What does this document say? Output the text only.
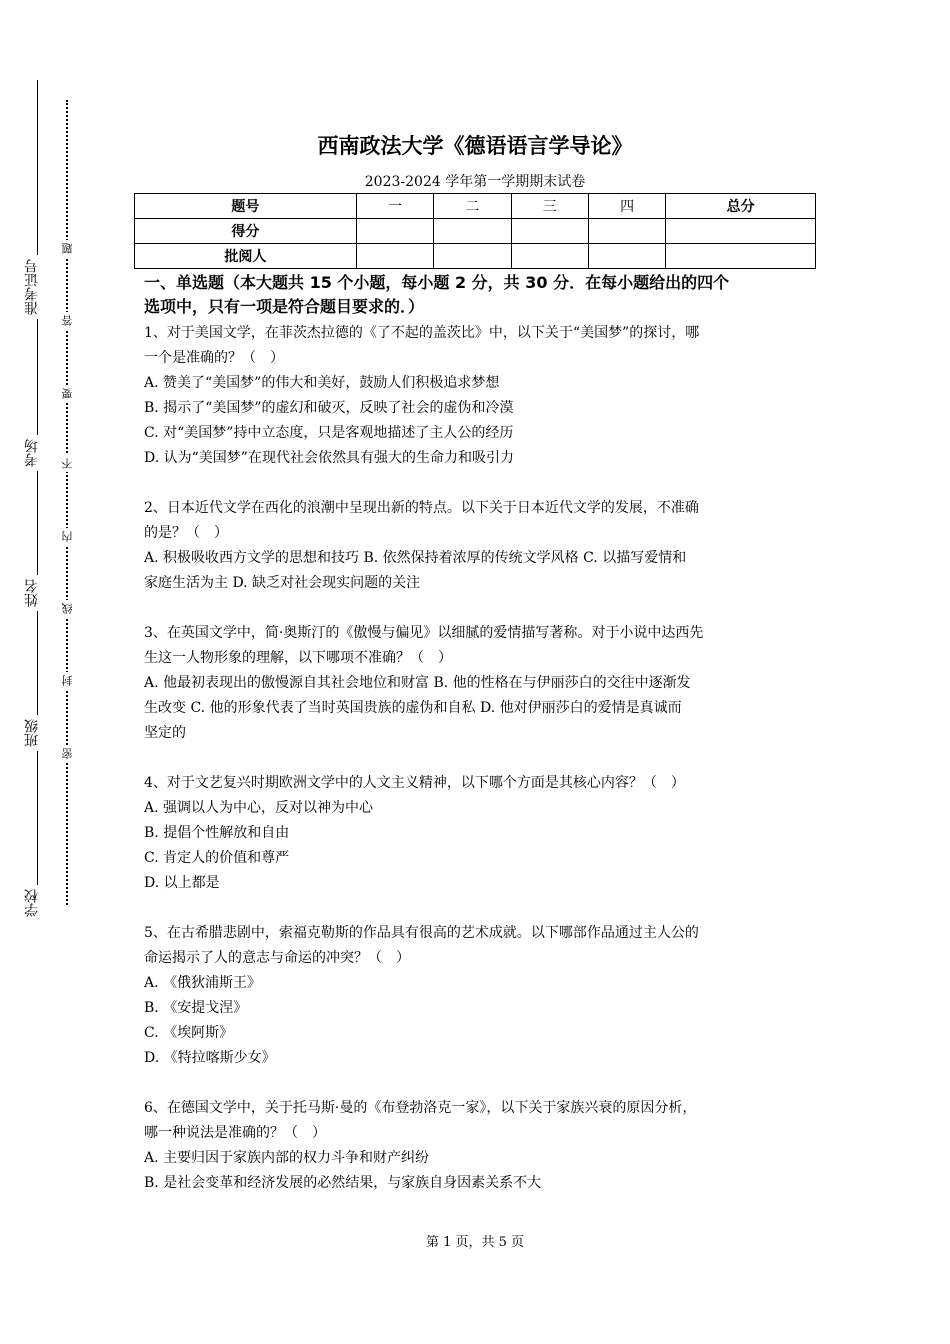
准考证号
考场
姓名
班级
学校
题
答
要
不
内
线
封
密
西南政法大学《德语语言学导论》
2023-2024 学年第一学期期末试卷
题号	一	二	三	四	总分
得分					
批阅人					
一、单选题（本大题共 15 个小题，每小题 2 分，共 30 分．在每小题给出的四个
选项中，只有一项是符合题目要求的．）

1、对于美国文学，在菲茨杰拉德的《了不起的盖茨比》中，以下关于“美国梦”的探讨，哪

一个是准确的？（　）

A. 赞美了“美国梦”的伟大和美好，鼓励人们积极追求梦想

B. 揭示了“美国梦”的虚幻和破灭，反映了社会的虚伪和冷漠

C. 对“美国梦”持中立态度，只是客观地描述了主人公的经历

D. 认为“美国梦”在现代社会依然具有强大的生命力和吸引力

2、日本近代文学在西化的浪潮中呈现出新的特点。以下关于日本近代文学的发展，不准确

的是？（　）

A. 积极吸收西方文学的思想和技巧 B. 依然保持着浓厚的传统文学风格 C. 以描写爱情和

家庭生活为主 D. 缺乏对社会现实问题的关注

3、在英国文学中，简·奥斯汀的《傲慢与偏见》以细腻的爱情描写著称。对于小说中达西先

生这一人物形象的理解，以下哪项不准确？（　）

A. 他最初表现出的傲慢源自其社会地位和财富 B. 他的性格在与伊丽莎白的交往中逐渐发

生改变 C. 他的形象代表了当时英国贵族的虚伪和自私 D. 他对伊丽莎白的爱情是真诚而

坚定的

4、对于文艺复兴时期欧洲文学中的人文主义精神，以下哪个方面是其核心内容？（　）

A. 强调以人为中心，反对以神为中心

B. 提倡个性解放和自由

C. 肯定人的价值和尊严

D. 以上都是

5、在古希腊悲剧中，索福克勒斯的作品具有很高的艺术成就。以下哪部作品通过主人公的

命运揭示了人的意志与命运的冲突？（　）

A. 《俄狄浦斯王》

B. 《安提戈涅》

C. 《埃阿斯》

D. 《特拉喀斯少女》

6、在德国文学中，关于托马斯·曼的《布登勃洛克一家》，以下关于家族兴衰的原因分析，

哪一种说法是准确的？（　）

A. 主要归因于家族内部的权力斗争和财产纠纷

B. 是社会变革和经济发展的必然结果，与家族自身因素关系不大

第 1 页，共 5 页
